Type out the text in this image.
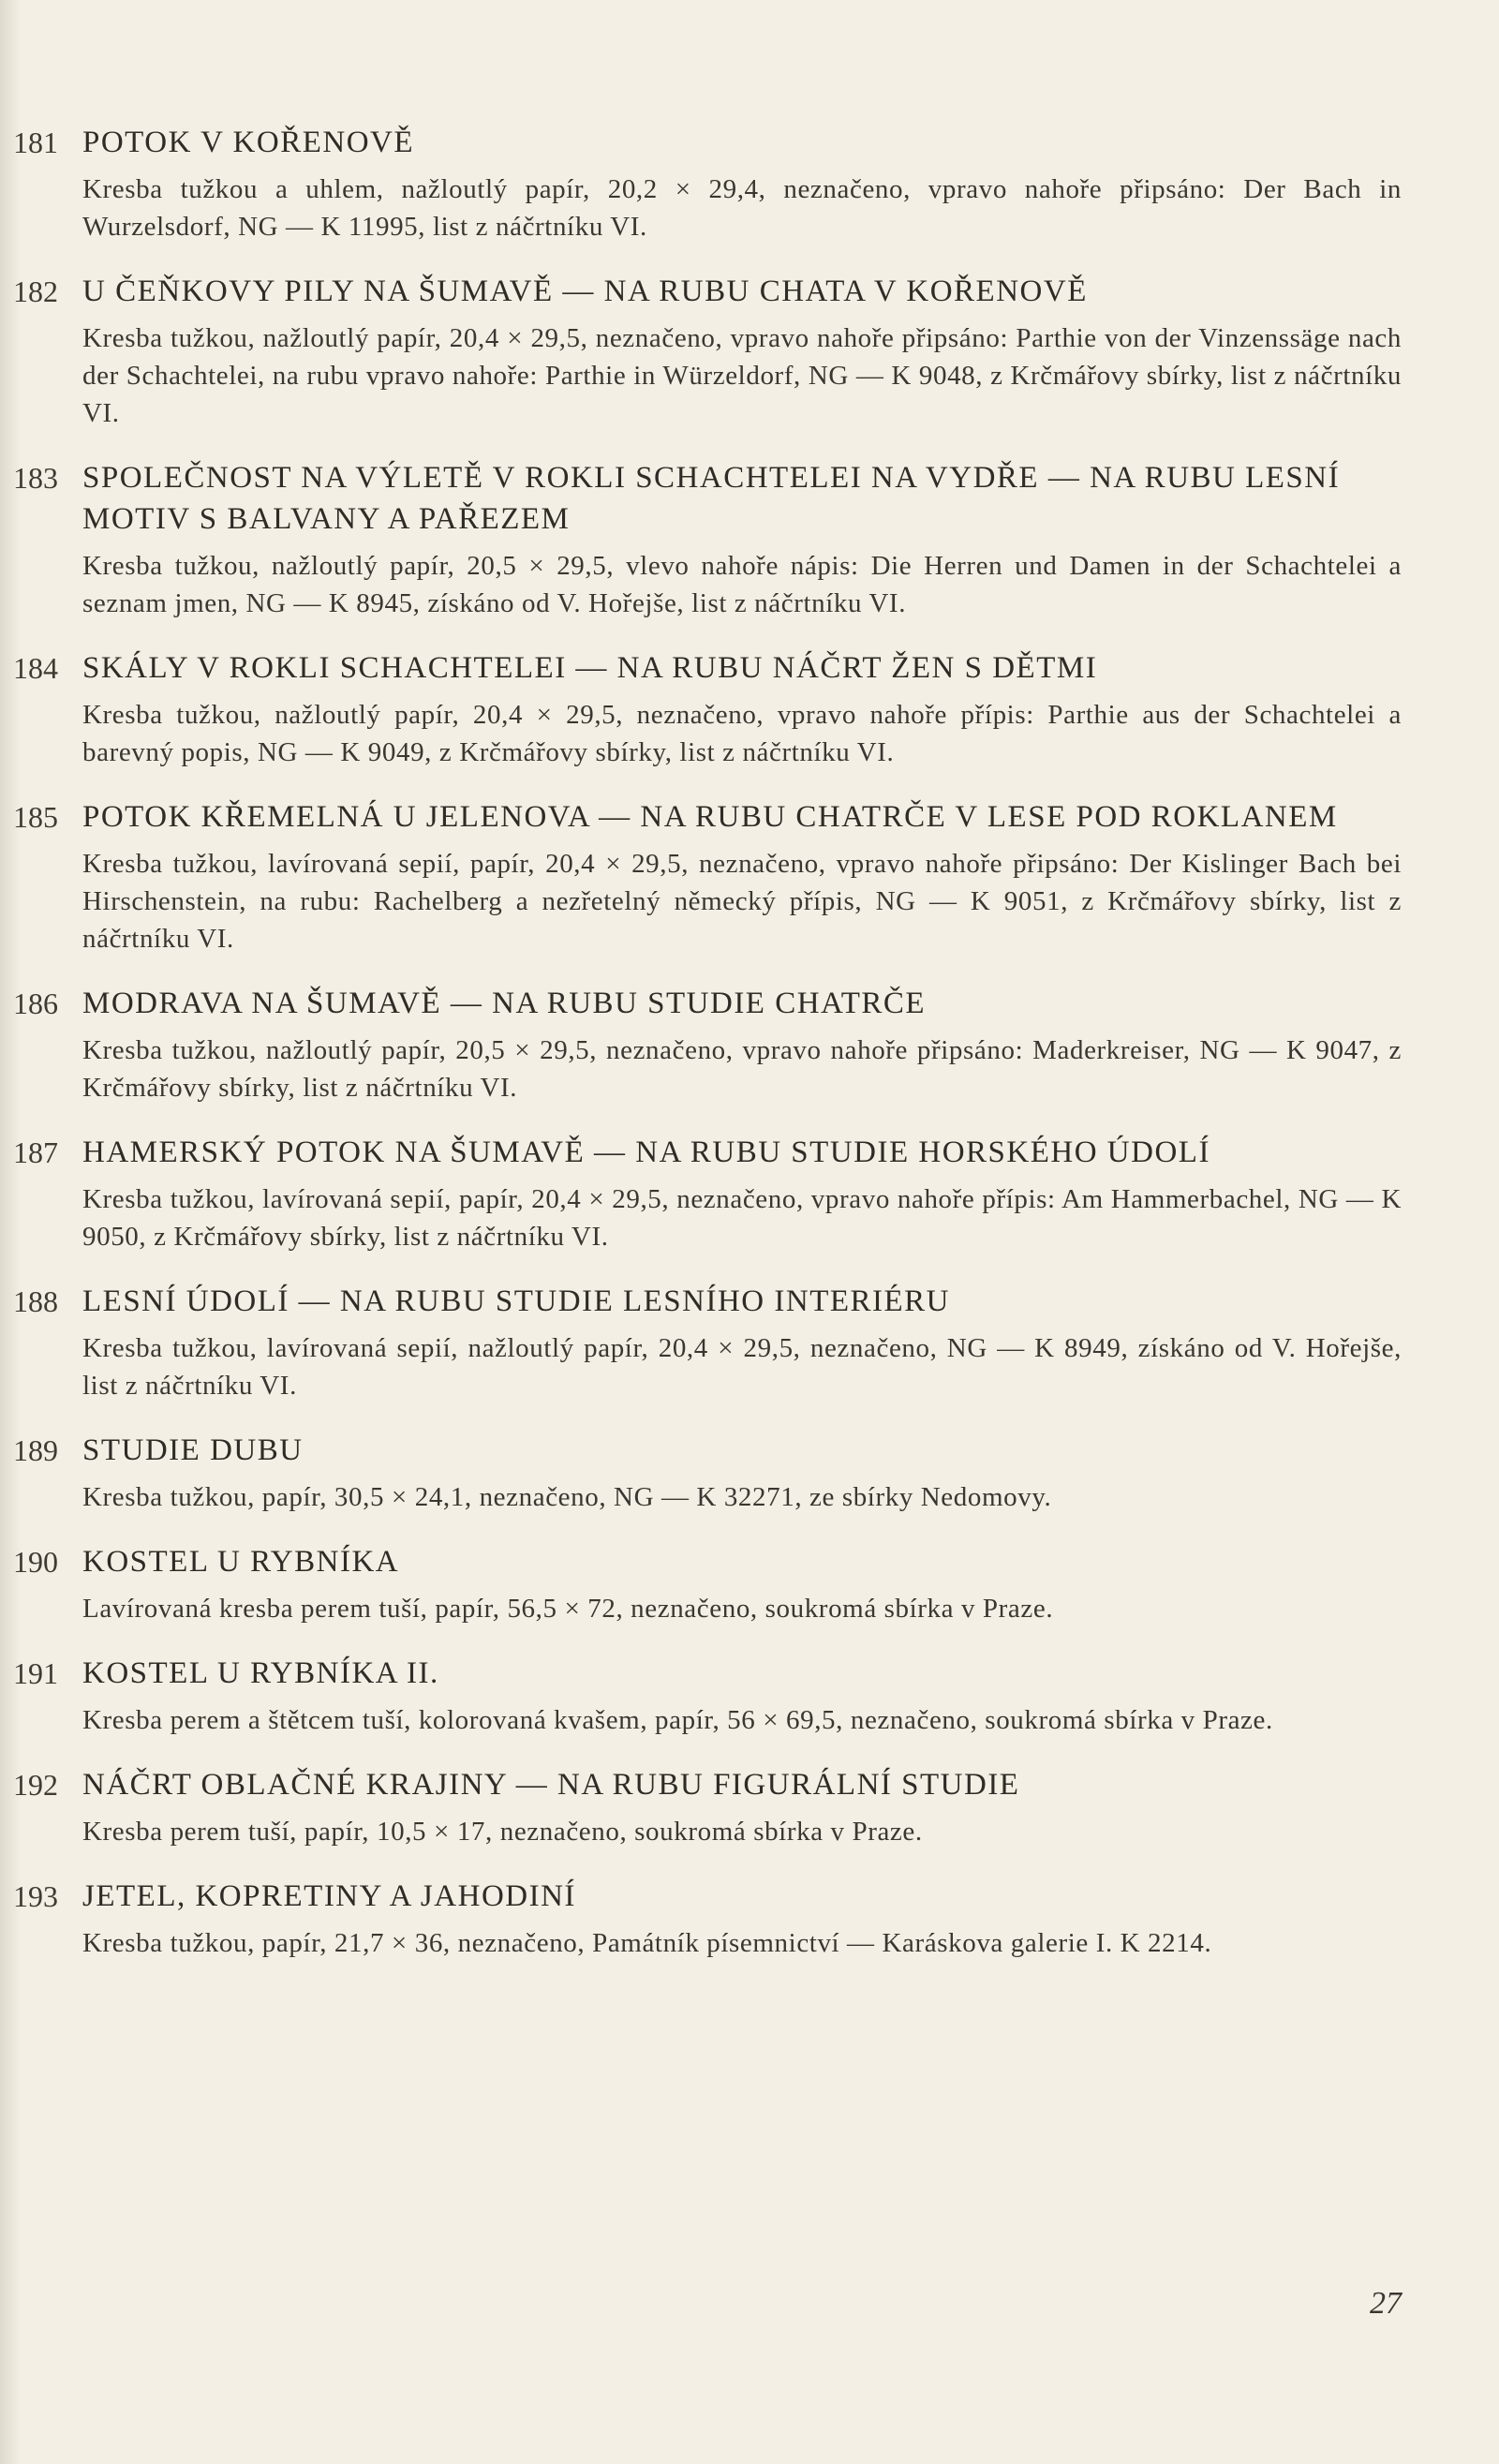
181 POTOK V KOŘENOVĚ
Kresba tužkou a uhlem, nažloutlý papír, 20,2 × 29,4, neznačeno, vpravo nahoře připsáno: Der Bach in Wurzelsdorf, NG — K 11995, list z náčrtníku VI.
182 U ČEŇKOVY PILY NA ŠUMAVĚ — NA RUBU CHATA V KOŘENOVĚ
Kresba tužkou, nažloutlý papír, 20,4 × 29,5, neznačeno, vpravo nahoře připsáno: Parthie von der Vinzenssäge nach der Schachtelei, na rubu vpravo nahoře: Parthie in Würzeldorf, NG — K 9048, z Krčmářovy sbírky, list z náčrtníku VI.
183 SPOLEČNOST NA VÝLETĚ V ROKLI SCHACHTELEI NA VYDŘE — NA RUBU LESNÍ MOTIV S BALVANY A PAŘEZEM
Kresba tužkou, nažloutlý papír, 20,5 × 29,5, vlevo nahoře nápis: Die Herren und Damen in der Schachtelei a seznam jmen, NG — K 8945, získáno od V. Hořejše, list z náčrtníku VI.
184 SKÁLY V ROKLI SCHACHTELEI — NA RUBU NÁČRT ŽEN S DĚTMI
Kresba tužkou, nažloutlý papír, 20,4 × 29,5, neznačeno, vpravo nahoře přípis: Parthie aus der Schachtelei a barevný popis, NG — K 9049, z Krčmářovy sbírky, list z náčrtníku VI.
185 POTOK KŘEMELNÁ U JELENOVA — NA RUBU CHATRČE V LESE POD ROKLANEM
Kresba tužkou, lavírovaná sepií, papír, 20,4 × 29,5, neznačeno, vpravo nahoře připsáno: Der Kislinger Bach bei Hirschenstein, na rubu: Rachelberg a nezřetelný německý přípis, NG — K 9051, z Krčmářovy sbírky, list z náčrtníku VI.
186 MODRAVA NA ŠUMAVĚ — NA RUBU STUDIE CHATRČE
Kresba tužkou, nažloutlý papír, 20,5 × 29,5, neznačeno, vpravo nahoře připsáno: Maderkreiser, NG — K 9047, z Krčmářovy sbírky, list z náčrtníku VI.
187 HAMERSKÝ POTOK NA ŠUMAVĚ — NA RUBU STUDIE HORSKÉHO ÚDOLÍ
Kresba tužkou, lavírovaná sepií, papír, 20,4 × 29,5, neznačeno, vpravo nahoře přípis: Am Hammerbachel, NG — K 9050, z Krčmářovy sbírky, list z náčrtníku VI.
188 LESNÍ ÚDOLÍ — NA RUBU STUDIE LESNÍHO INTERIÉRU
Kresba tužkou, lavírovaná sepií, nažloutlý papír, 20,4 × 29,5, neznačeno, NG — K 8949, získáno od V. Hořejše, list z náčrtníku VI.
189 STUDIE DUBU
Kresba tužkou, papír, 30,5 × 24,1, neznačeno, NG — K 32271, ze sbírky Nedomovy.
190 KOSTEL U RYBNÍKA
Lavírovaná kresba perem tuší, papír, 56,5 × 72, neznačeno, soukromá sbírka v Praze.
191 KOSTEL U RYBNÍKA II.
Kresba perem a štětcem tuší, kolorovaná kvašem, papír, 56 × 69,5, neznačeno, soukromá sbírka v Praze.
192 NÁČRT OBLAČNÉ KRAJINY — NA RUBU FIGURÁLNÍ STUDIE
Kresba perem tuší, papír, 10,5 × 17, neznačeno, soukromá sbírka v Praze.
193 JETEL, KOPRETINY A JAHODINÍ
Kresba tužkou, papír, 21,7 × 36, neznačeno, Památník písemnictví — Karáskova galerie I. K 2214.
27
